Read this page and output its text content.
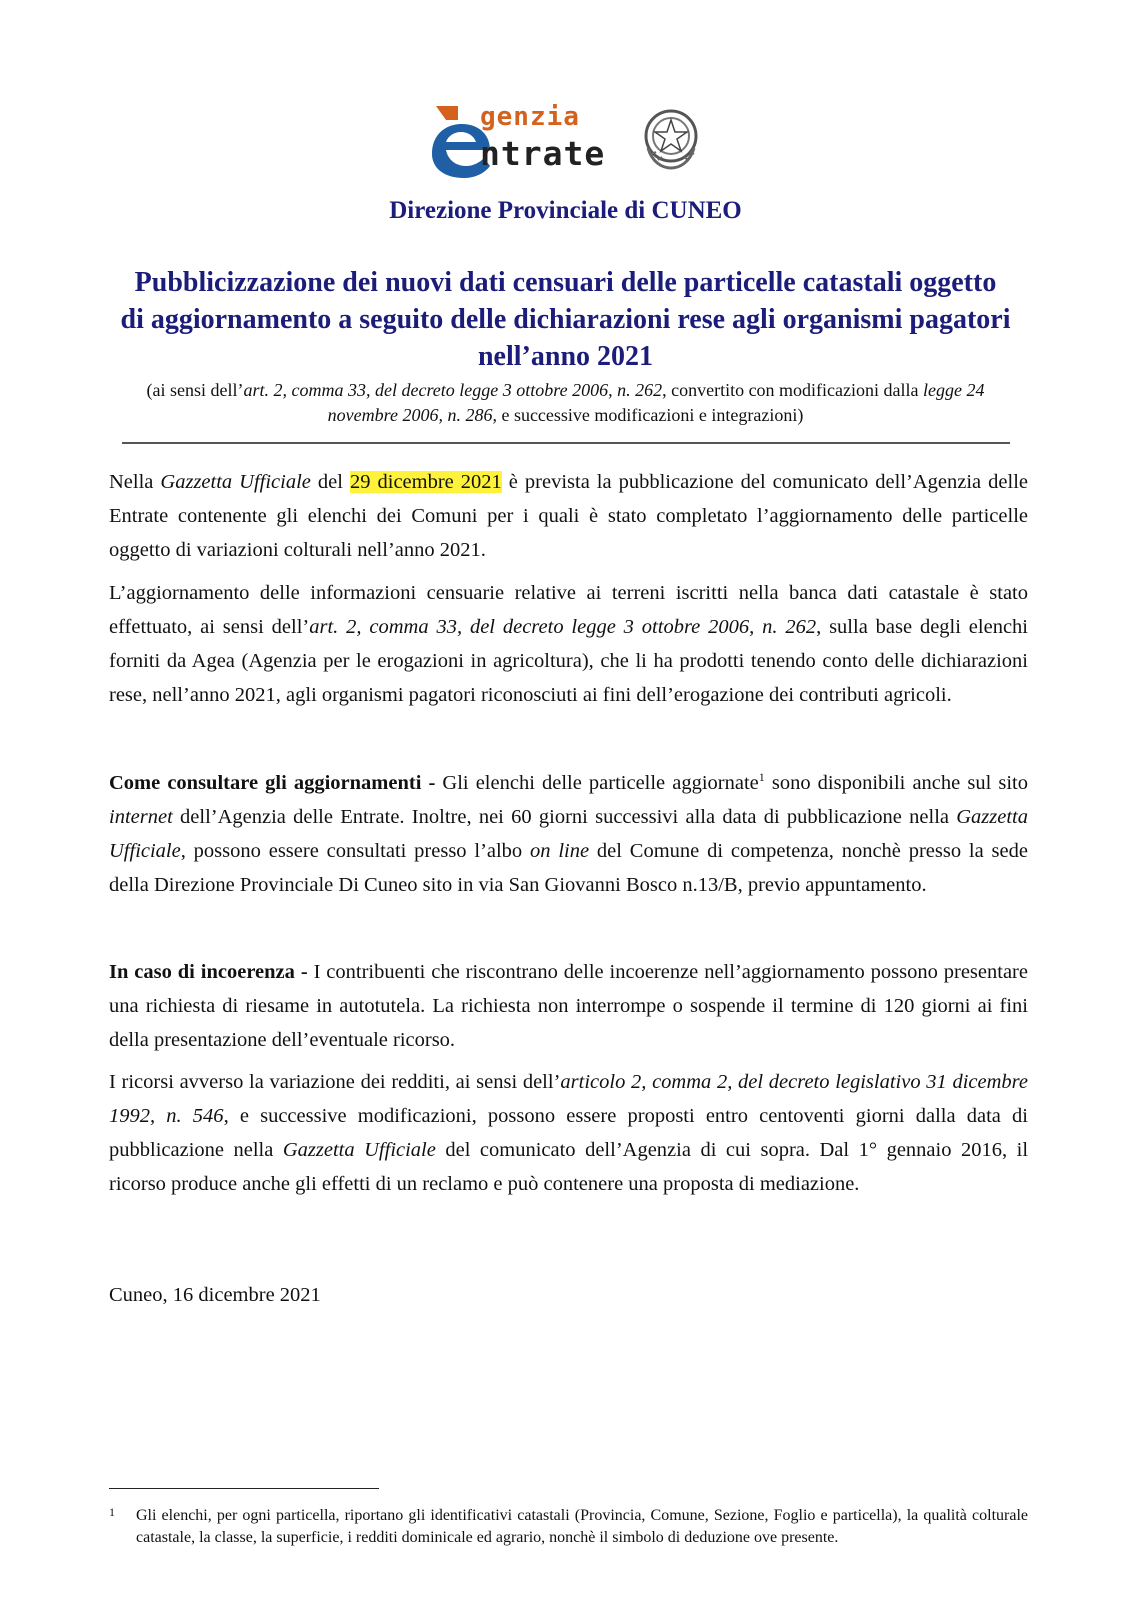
genzia
ntrate
Direzione Provinciale di CUNEO
Pubblicizzazione dei nuovi dati censuari delle particelle catastali oggetto di aggiornamento a seguito delle dichiarazioni rese agli organismi pagatori nell’anno 2021
(ai sensi dell’art. 2, comma 33, del decreto legge 3 ottobre 2006, n. 262, convertito con modificazioni dalla legge 24 novembre 2006, n. 286, e successive modificazioni e integrazioni)
Nella Gazzetta Ufficiale del 29 dicembre 2021 è prevista la pubblicazione del comunicato dell’Agenzia delle Entrate contenente gli elenchi dei Comuni per i quali è stato completato l’aggiornamento delle particelle oggetto di variazioni colturali nell’anno 2021.
L’aggiornamento delle informazioni censuarie relative ai terreni iscritti nella banca dati catastale è stato effettuato, ai sensi dell’art. 2, comma 33, del decreto legge 3 ottobre 2006, n. 262, sulla base degli elenchi forniti da Agea (Agenzia per le erogazioni in agricoltura), che li ha prodotti tenendo conto delle dichiarazioni rese, nell’anno 2021, agli organismi pagatori riconosciuti ai fini dell’erogazione dei contributi agricoli.
Come consultare gli aggiornamenti - Gli elenchi delle particelle aggiornate$^1$ sono disponibili anche sul sito internet dell’Agenzia delle Entrate. Inoltre, nei 60 giorni successivi alla data di pubblicazione nella Gazzetta Ufficiale, possono essere consultati presso l’albo on line del Comune di competenza, nonchè presso la sede della Direzione Provinciale Di Cuneo sito in via San Giovanni Bosco n.13/B, previo appuntamento.
In caso di incoerenza - I contribuenti che riscontrano delle incoerenze nell’aggiornamento possono presentare una richiesta di riesame in autotutela. La richiesta non interrompe o sospende il termine di 120 giorni ai fini della presentazione dell’eventuale ricorso.
I ricorsi avverso la variazione dei redditi, ai sensi dell’articolo 2, comma 2, del decreto legislativo 31 dicembre 1992, n. 546, e successive modificazioni, possono essere proposti entro centoventi giorni dalla data di pubblicazione nella Gazzetta Ufficiale del comunicato dell’Agenzia di cui sopra. Dal 1° gennaio 2016, il ricorso produce anche gli effetti di un reclamo e può contenere una proposta di mediazione.
Cuneo, 16 dicembre 2021
1 Gli elenchi, per ogni particella, riportano gli identificativi catastali (Provincia, Comune, Sezione, Foglio e particella), la qualità colturale catastale, la classe, la superficie, i redditi dominicale ed agrario, nonchè il simbolo di deduzione ove presente.
